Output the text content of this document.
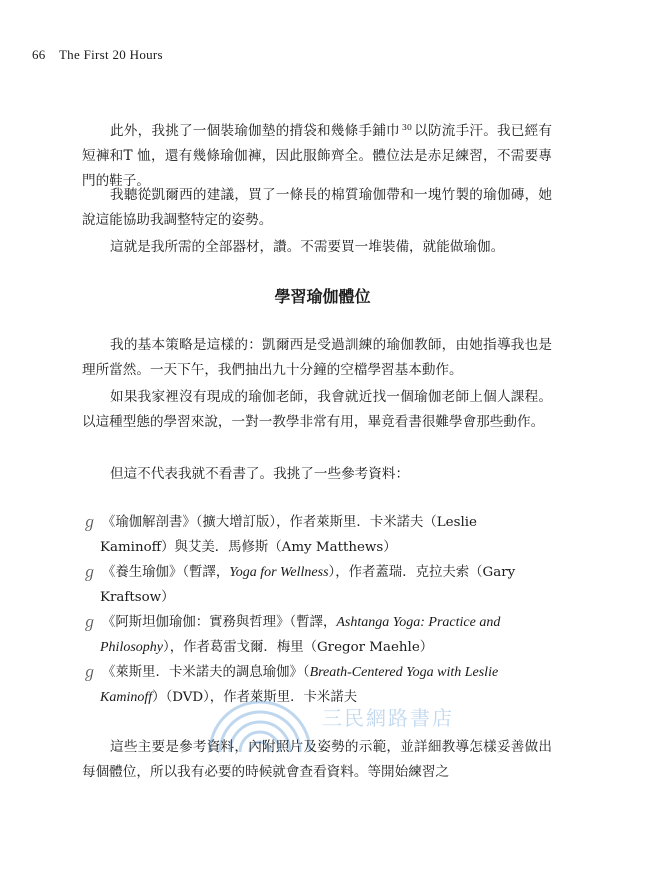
66 The First 20 Hours

此外，我挑了一個裝瑜伽墊的揹袋和幾條手鋪巾 $^{30}$ 以防流手汗。我已經有短褲和T 恤，還有幾條瑜伽褲，因此服飾齊全。體位法是赤足練習，不需要專門的鞋子。

我聽從凱爾西的建議，買了一條長的棉質瑜伽帶和一塊竹製的瑜伽磚，她說這能協助我調整特定的姿勢。

這就是我所需的全部器材，讚。不需要買一堆裝備，就能做瑜伽。

學習瑜伽體位

我的基本策略是這樣的：凱爾西是受過訓練的瑜伽教師，由她指導我也是理所當然。一天下午，我們抽出九十分鐘的空檔學習基本動作。

如果我家裡沒有現成的瑜伽老師，我會就近找一個瑜伽老師上個人課程。以這種型態的學習來說，一對一教學非常有用，畢竟看書很難學會那些動作。

但這不代表我就不看書了。我挑了一些參考資料：

ℊ 《瑜伽解剖書》（擴大增訂版），作者萊斯里．卡米諾夫（Leslie
Kaminoff）與艾美．馬修斯（Amy Matthews）
ℊ 《養生瑜伽》（暫譯，Yoga for Wellness），作者蓋瑞．克拉夫索（Gary
Kraftsow）
ℊ 《阿斯坦伽瑜伽：實務與哲理》（暫譯，Ashtanga Yoga: Practice and
Philosophy），作者葛雷戈爾．梅里（Gregor Maehle）
ℊ 《萊斯里．卡米諾夫的調息瑜伽》（Breath-Centered Yoga with Leslie
Kaminoff）（DVD），作者萊斯里．卡米諾夫
三民網路書店

這些主要是參考資料，內附照片及姿勢的示範，並詳細教導怎樣妥善做出每個體位，所以我有必要的時候就會查看資料。等開始練習之
